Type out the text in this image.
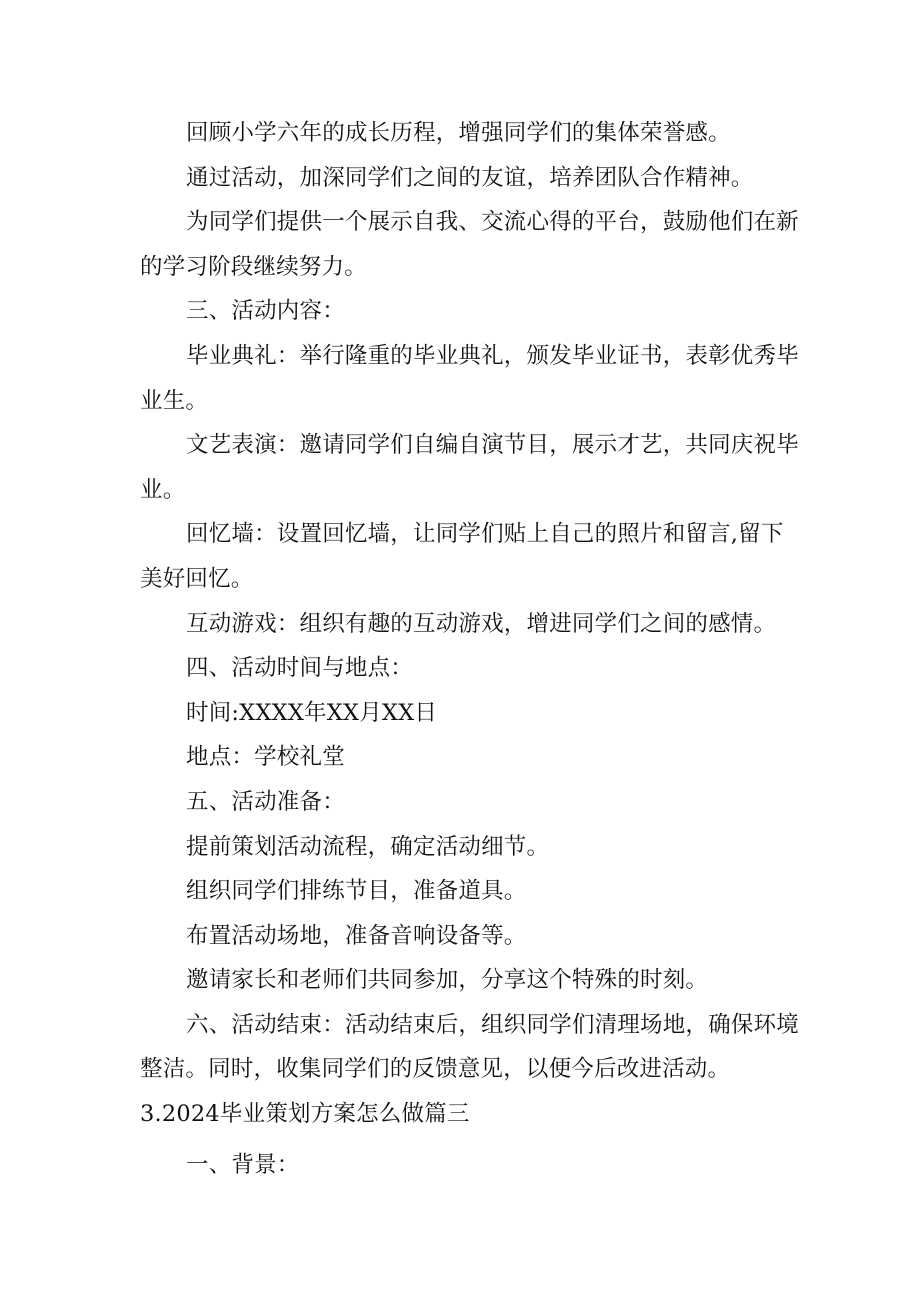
回顾小学六年的成长历程，增强同学们的集体荣誉感。

通过活动，加深同学们之间的友谊，培养团队合作精神。

为同学们提供一个展示自我、交流心得的平台，鼓励他们在新的学习阶段继续努力。

三、活动内容：

毕业典礼：举行隆重的毕业典礼，颁发毕业证书，表彰优秀毕业生。

文艺表演：邀请同学们自编自演节目，展示才艺，共同庆祝毕业。

回忆墙：设置回忆墙，让同学们贴上自己的照片和留言,留下美好回忆。

互动游戏：组织有趣的互动游戏，增进同学们之间的感情。

四、活动时间与地点：

时间:XXXX年XX月XX日

地点：学校礼堂

五、活动准备：

提前策划活动流程，确定活动细节。

组织同学们排练节目，准备道具。

布置活动场地，准备音响设备等。

邀请家长和老师们共同参加，分享这个特殊的时刻。

六、活动结束：活动结束后，组织同学们清理场地，确保环境整洁。同时，收集同学们的反馈意见，以便今后改进活动。

3.2024毕业策划方案怎么做篇三

一、背景：
